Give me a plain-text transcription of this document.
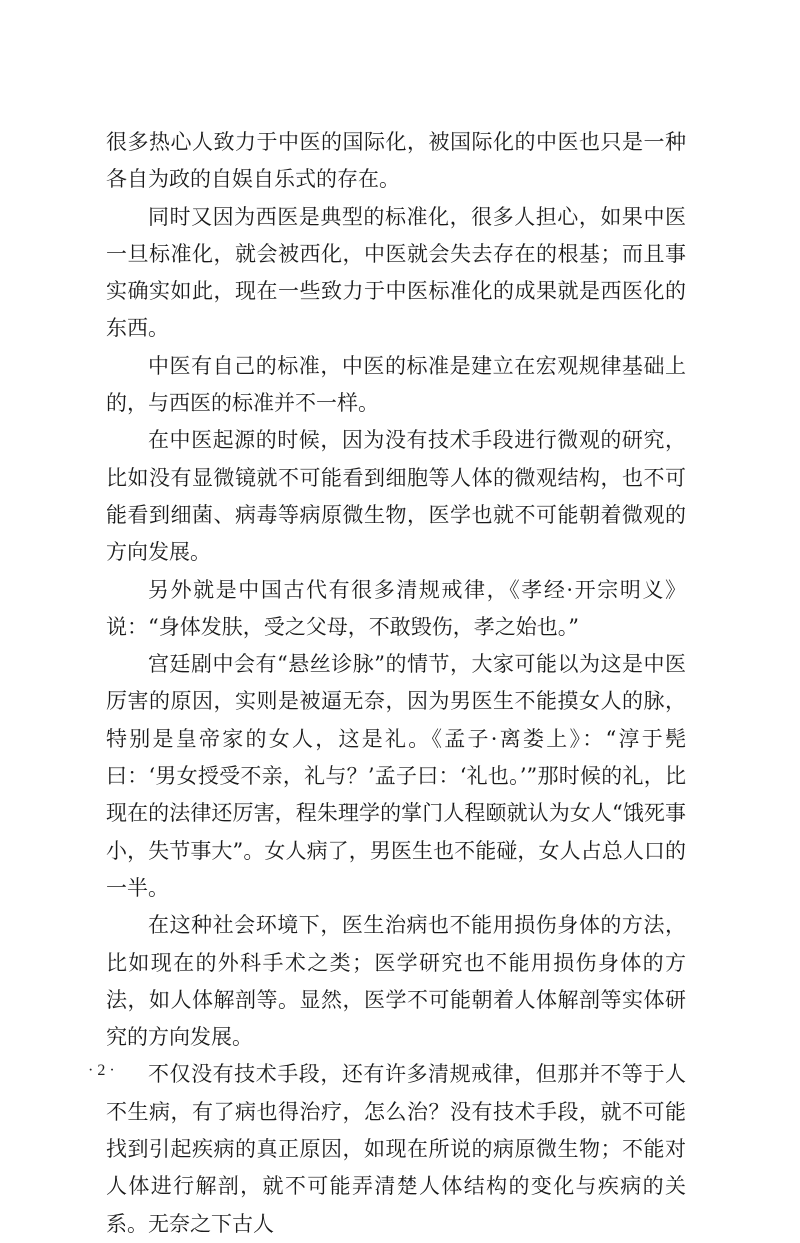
很多热心人致力于中医的国际化，被国际化的中医也只是一种各自为政的自娱自乐式的存在。

同时又因为西医是典型的标准化，很多人担心，如果中医一旦标准化，就会被西化，中医就会失去存在的根基；而且事实确实如此，现在一些致力于中医标准化的成果就是西医化的东西。

中医有自己的标准，中医的标准是建立在宏观规律基础上的，与西医的标准并不一样。

在中医起源的时候，因为没有技术手段进行微观的研究，比如没有显微镜就不可能看到细胞等人体的微观结构，也不可能看到细菌、病毒等病原微生物，医学也就不可能朝着微观的方向发展。

另外就是中国古代有很多清规戒律，《孝经·开宗明义》说：“身体发肤，受之父母，不敢毁伤，孝之始也。”

宫廷剧中会有“悬丝诊脉”的情节，大家可能以为这是中医厉害的原因，实则是被逼无奈，因为男医生不能摸女人的脉，特别是皇帝家的女人，这是礼。《孟子·离娄上》：“淳于髡曰：‘男女授受不亲，礼与？’孟子曰：‘礼也。’”那时候的礼，比现在的法律还厉害，程朱理学的掌门人程颐就认为女人“饿死事小，失节事大”。女人病了，男医生也不能碰，女人占总人口的一半。

在这种社会环境下，医生治病也不能用损伤身体的方法，比如现在的外科手术之类；医学研究也不能用损伤身体的方法，如人体解剖等。显然，医学不可能朝着人体解剖等实体研究的方向发展。

不仅没有技术手段，还有许多清规戒律，但那并不等于人不生病，有了病也得治疗，怎么治？没有技术手段，就不可能找到引起疾病的真正原因，如现在所说的病原微生物；不能对人体进行解剖，就不可能弄清楚人体结构的变化与疾病的关系。无奈之下古人

· 2 ·
